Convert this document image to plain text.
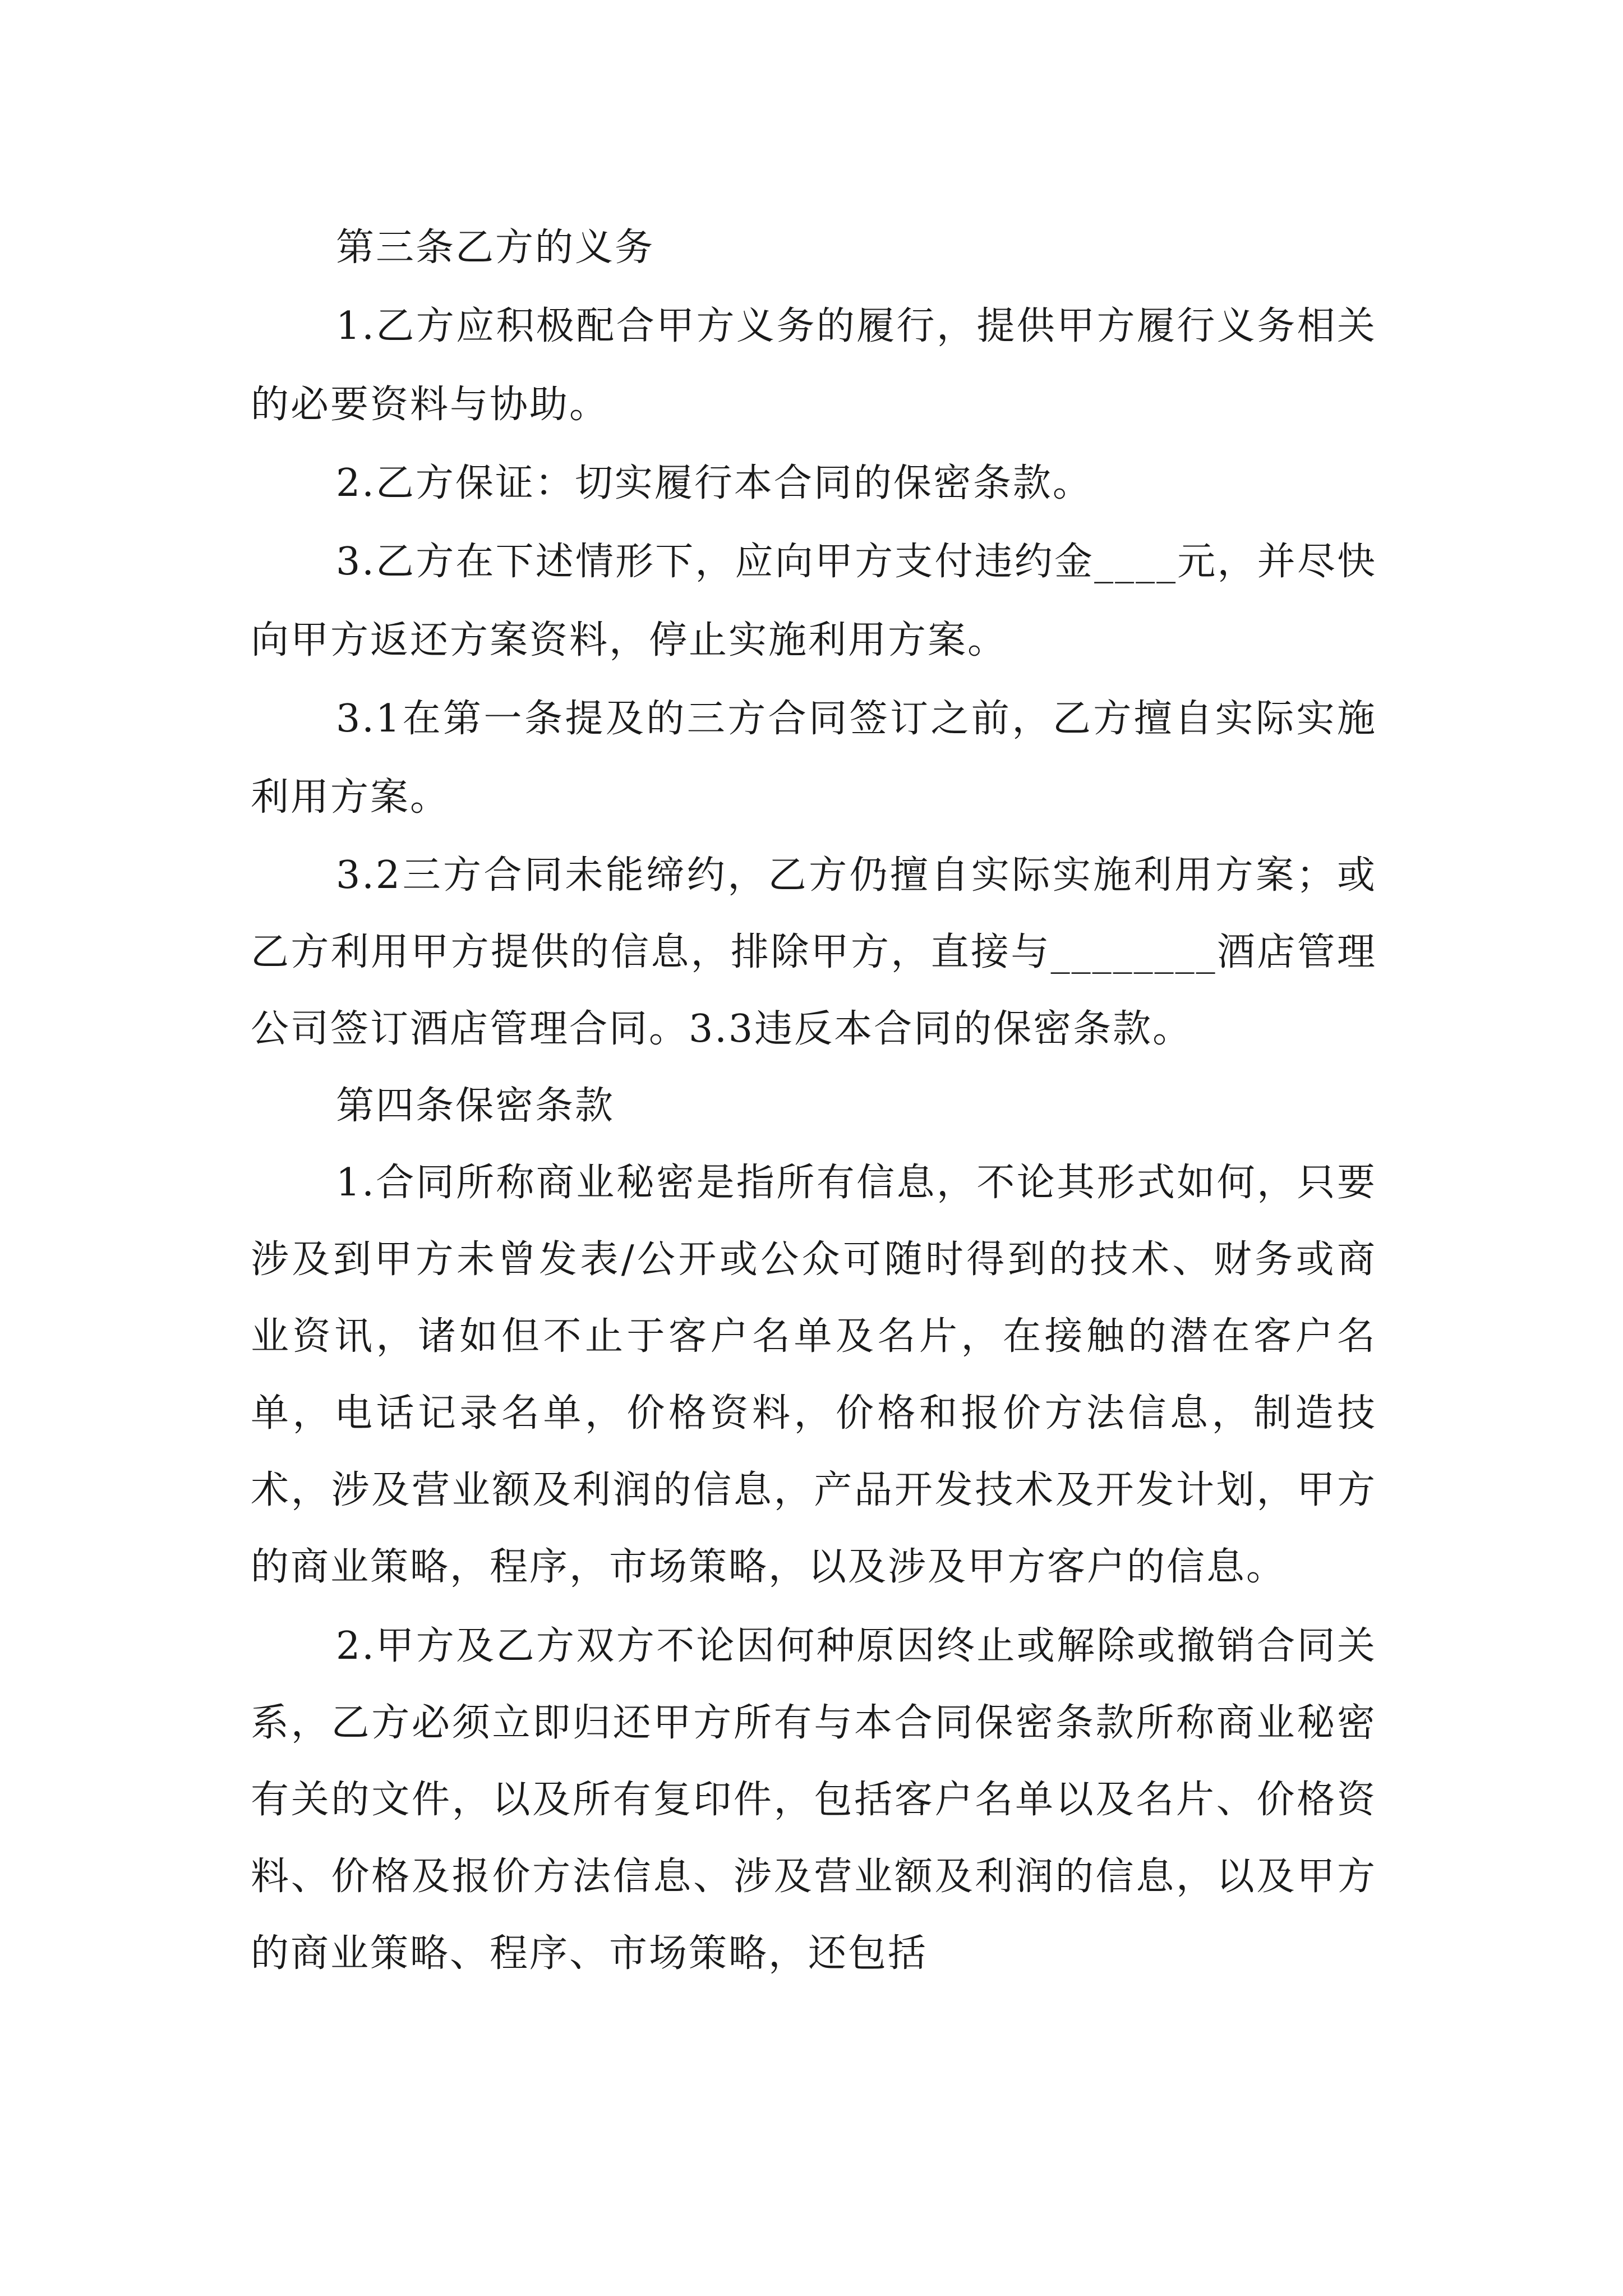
第三条乙方的义务

1.乙方应积极配合甲方义务的履行，提供甲方履行义务相关的必要资料与协助。

2.乙方保证：切实履行本合同的保密条款。

3.乙方在下述情形下，应向甲方支付违约金____元，并尽快向甲方返还方案资料，停止实施利用方案。

3.1在第一条提及的三方合同签订之前，乙方擅自实际实施利用方案。

3.2三方合同未能缔约，乙方仍擅自实际实施利用方案；或乙方利用甲方提供的信息，排除甲方，直接与________酒店管理公司签订酒店管理合同。3.3违反本合同的保密条款。

第四条保密条款

1.合同所称商业秘密是指所有信息，不论其形式如何，只要涉及到甲方未曾发表/公开或公众可随时得到的技术、财务或商业资讯，诸如但不止于客户名单及名片，在接触的潜在客户名单，电话记录名单，价格资料，价格和报价方法信息，制造技术，涉及营业额及利润的信息，产品开发技术及开发计划，甲方的商业策略，程序，市场策略，以及涉及甲方客户的信息。

2.甲方及乙方双方不论因何种原因终止或解除或撤销合同关系，乙方必须立即归还甲方所有与本合同保密条款所称商业秘密有关的文件，以及所有复印件，包括客户名单以及名片、价格资料、价格及报价方法信息、涉及营业额及利润的信息，以及甲方的商业策略、程序、市场策略，还包括
